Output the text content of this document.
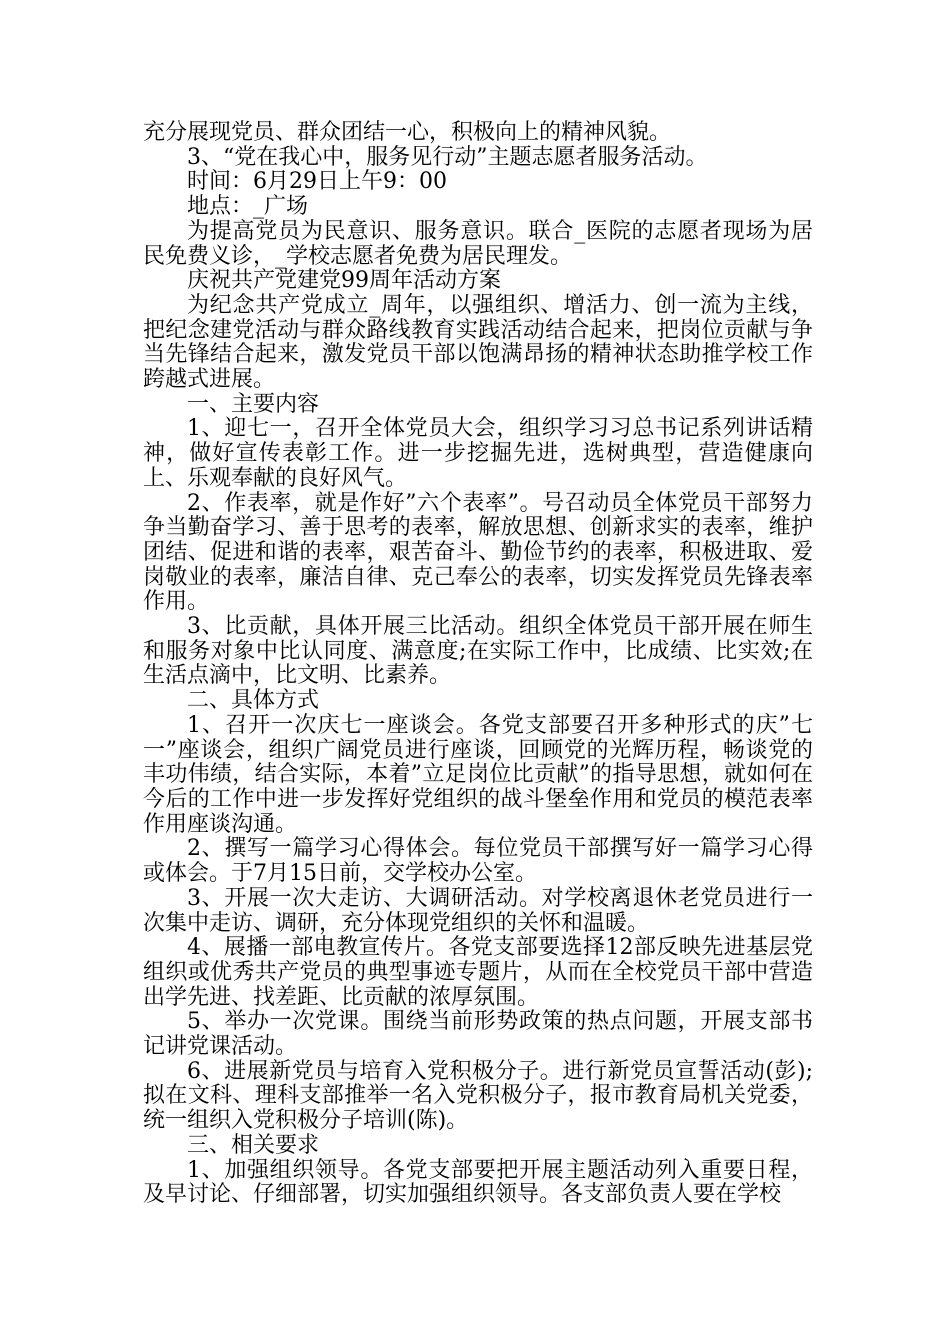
充分展现党员、群众团结一心，积极向上的精神风貌。

3、“党在我心中，服务见行动”主题志愿者服务活动。

时间：6月29日上午9：00

地点：_广场

为提高党员为民意识、服务意识。联合_医院的志愿者现场为居民免费义诊，_学校志愿者免费为居民理发。

庆祝共产党建党99周年活动方案

为纪念共产党成立_周年，以强组织、增活力、创一流为主线，把纪念建党活动与群众路线教育实践活动结合起来，把岗位贡献与争当先锋结合起来，激发党员干部以饱满昂扬的精神状态助推学校工作跨越式进展。

一、主要内容

1、迎七一，召开全体党员大会，组织学习习总书记系列讲话精神，做好宣传表彰工作。进一步挖掘先进，选树典型，营造健康向上、乐观奉献的良好风气。

2、作表率，就是作好”六个表率”。号召动员全体党员干部努力争当勤奋学习、善于思考的表率，解放思想、创新求实的表率，维护团结、促进和谐的表率，艰苦奋斗、勤俭节约的表率，积极进取、爱岗敬业的表率，廉洁自律、克己奉公的表率，切实发挥党员先锋表率作用。

3、比贡献，具体开展三比活动。组织全体党员干部开展在师生和服务对象中比认同度、满意度;在实际工作中，比成绩、比实效;在生活点滴中，比文明、比素养。

二、具体方式

1、召开一次庆七一座谈会。各党支部要召开多种形式的庆”七一”座谈会，组织广阔党员进行座谈，回顾党的光辉历程，畅谈党的丰功伟绩，结合实际，本着”立足岗位比贡献”的指导思想，就如何在今后的工作中进一步发挥好党组织的战斗堡垒作用和党员的模范表率作用座谈沟通。

2、撰写一篇学习心得体会。每位党员干部撰写好一篇学习心得或体会。于7月15日前，交学校办公室。

3、开展一次大走访、大调研活动。对学校离退休老党员进行一次集中走访、调研，充分体现党组织的关怀和温暖。

4、展播一部电教宣传片。各党支部要选择12部反映先进基层党组织或优秀共产党员的典型事迹专题片，从而在全校党员干部中营造出学先进、找差距、比贡献的浓厚氛围。

5、举办一次党课。围绕当前形势政策的热点问题，开展支部书记讲党课活动。

6、进展新党员与培育入党积极分子。进行新党员宣誓活动(彭);拟在文科、理科支部推举一名入党积极分子，报市教育局机关党委，统一组织入党积极分子培训(陈)。

三、相关要求

1、加强组织领导。各党支部要把开展主题活动列入重要日程，及早讨论、仔细部署，切实加强组织领导。各支部负责人要在学校
